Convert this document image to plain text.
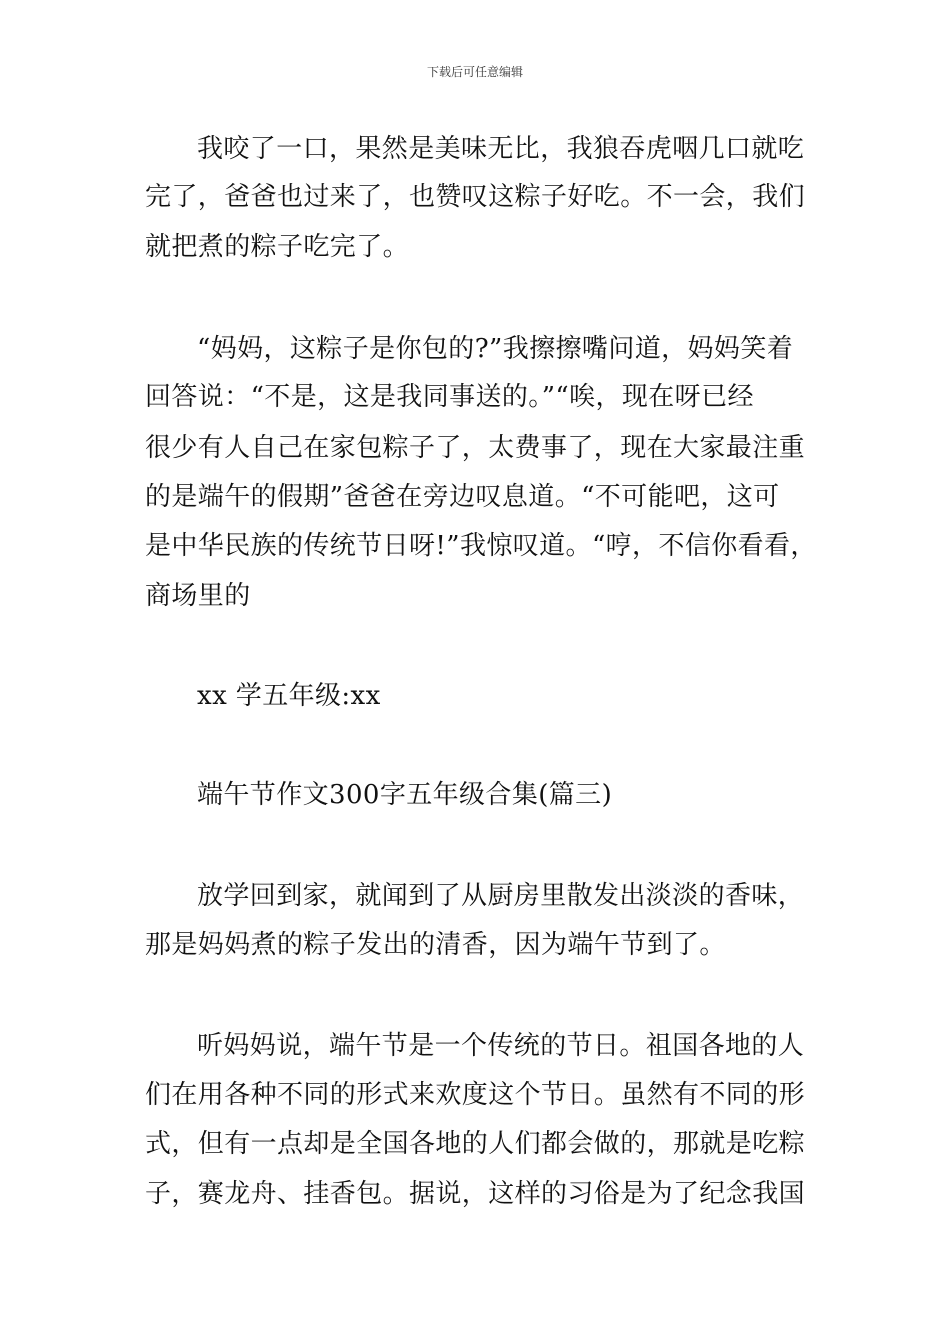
下载后可任意编辑
我咬了一口，果然是美味无比，我狼吞虎咽几口就吃
完了，爸爸也过来了，也赞叹这粽子好吃。不一会，我们
就把煮的粽子吃完了。
“妈妈，这粽子是你包的?”我擦擦嘴问道，妈妈笑着
回答说：“不是，这是我同事送的。”“唉，现在呀已经
很少有人自己在家包粽子了，太费事了，现在大家最注重
的是端午的假期”爸爸在旁边叹息道。“不可能吧，这可
是中华民族的传统节日呀!”我惊叹道。“哼，不信你看看，
商场里的
xx 学五年级:xx
端午节作文300字五年级合集(篇三)
放学回到家，就闻到了从厨房里散发出淡淡的香味，
那是妈妈煮的粽子发出的清香，因为端午节到了。
听妈妈说，端午节是一个传统的节日。祖国各地的人
们在用各种不同的形式来欢度这个节日。虽然有不同的形
式，但有一点却是全国各地的人们都会做的，那就是吃粽
子，赛龙舟、挂香包。据说，这样的习俗是为了纪念我国
